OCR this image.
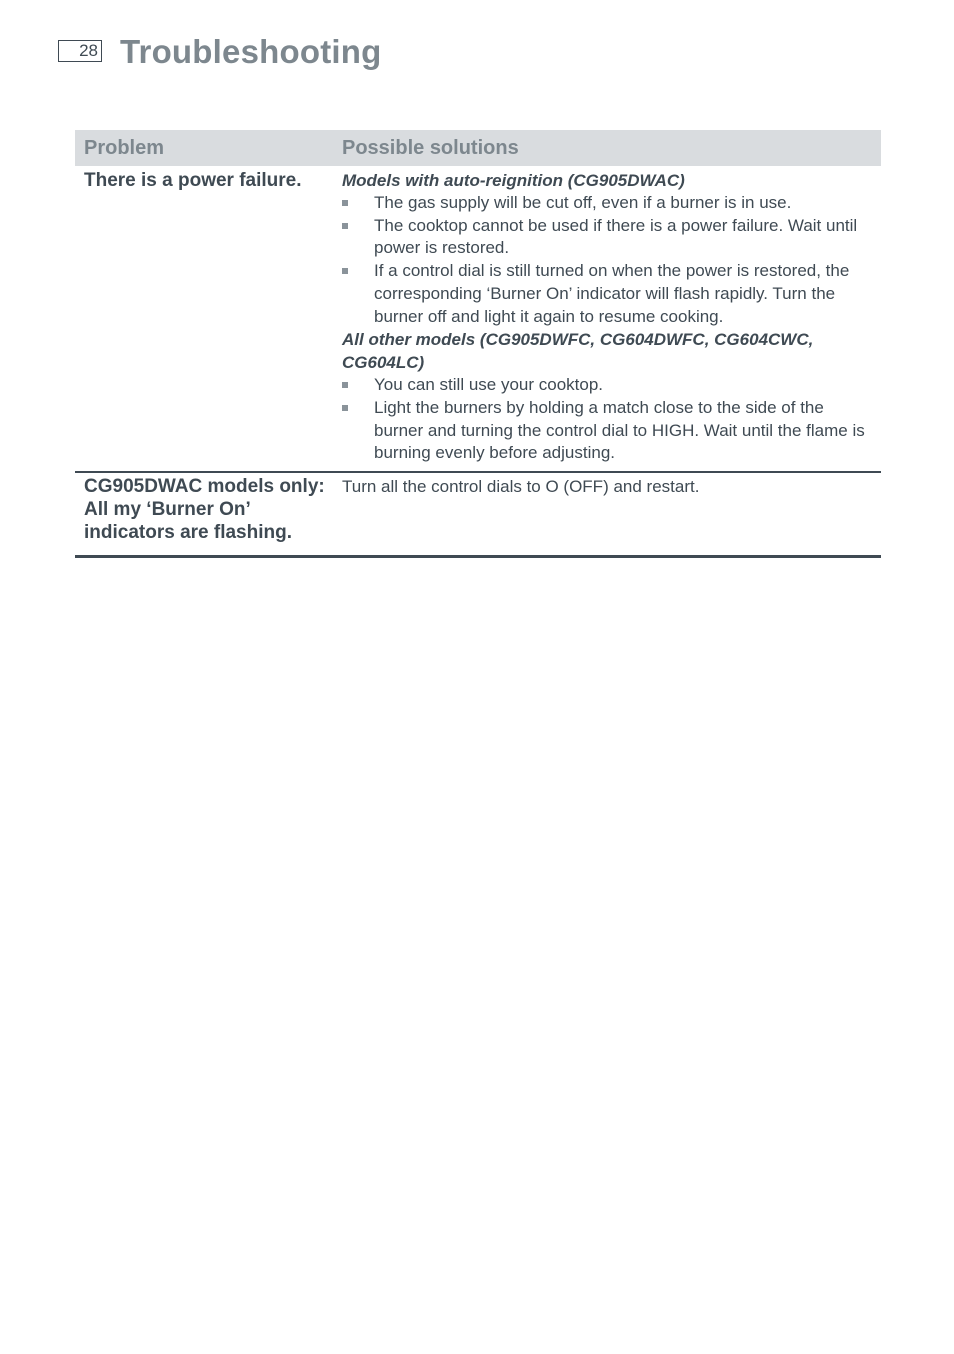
28 Troubleshooting
Problem	Possible solutions
There is a power failure.	Models with auto-reignition (CG905DWAC)
The gas supply will be cut off, even if a burner is in use.
The cooktop cannot be used if there is a power failure. Wait until power is restored.
If a control dial is still turned on when the power is restored, the corresponding ‘Burner On’ indicator will flash rapidly. Turn the burner off and light it again to resume cooking.
All other models (CG905DWFC, CG604DWFC, CG604CWC, CG604LC)
You can still use your cooktop.
Light the burners by holding a match close to the side of the burner and turning the control dial to HIGH. Wait until the flame is burning evenly before adjusting.
CG905DWAC models only: All my ‘Burner On’ indicators are flashing.
Turn all the control dials to O (OFF) and restart.
